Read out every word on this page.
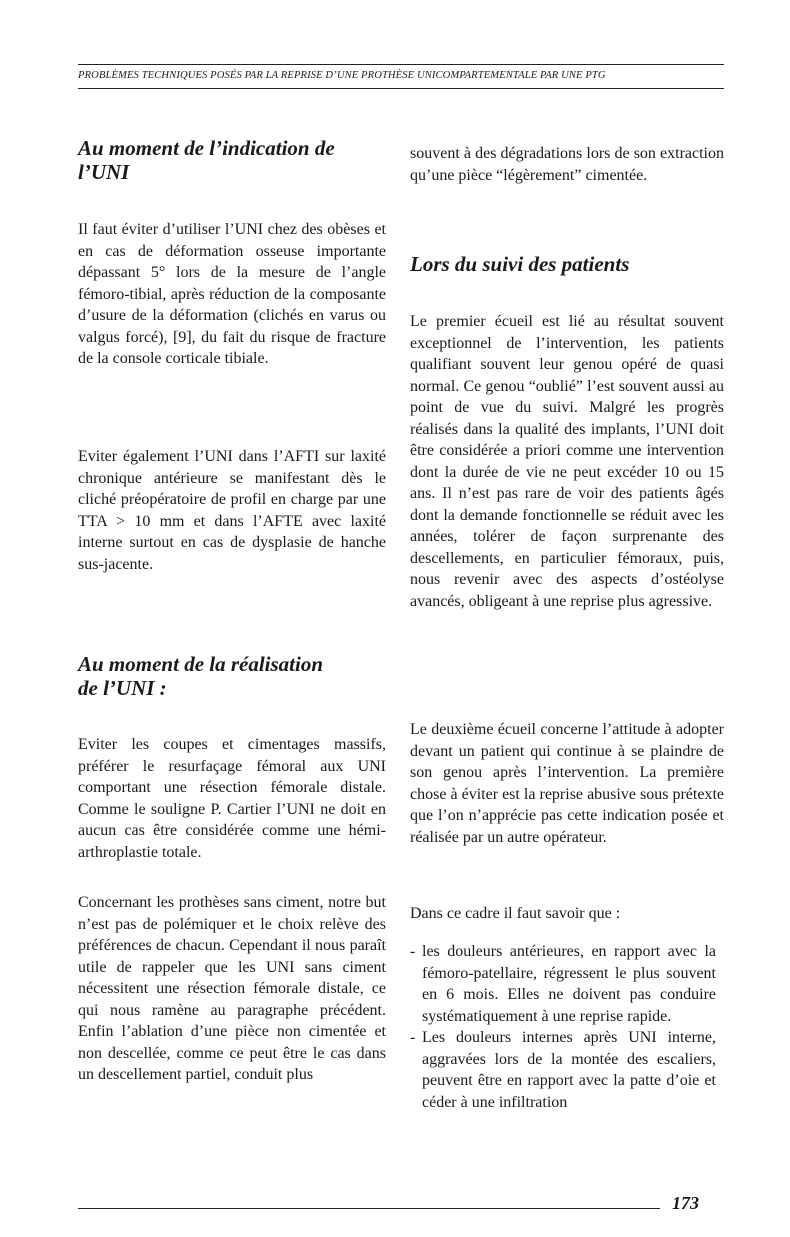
PROBLÈMES TECHNIQUES POSÉS PAR LA REPRISE D’UNE PROTHÈSE UNICOMPARTEMENTALE PAR UNE PTG
Au moment de l’indication de l’UNI

Il faut éviter d’utiliser l’UNI chez des obèses et en cas de déformation osseuse importante dépassant 5° lors de la mesure de l’angle fémoro-tibial, après réduction de la composante d’usure de la déformation (clichés en varus ou valgus forcé), [9], du fait du risque de fracture de la console corticale tibiale.

Eviter également l’UNI dans l’AFTI sur laxité chronique antérieure se manifestant dès le cliché préopératoire de profil en charge par une TTA > 10 mm et dans l’AFTE avec laxité interne surtout en cas de dysplasie de hanche sus-jacente.

Au moment de la réalisation de l’UNI :

Eviter les coupes et cimentages massifs, préférer le resurfaçage fémoral aux UNI comportant une résection fémorale distale. Comme le souligne P. Cartier l’UNI ne doit en aucun cas être considérée comme une hémi-arthroplastie totale.

Concernant les prothèses sans ciment, notre but n’est pas de polémiquer et le choix relève des préférences de chacun. Cependant il nous paraît utile de rappeler que les UNI sans ciment nécessitent une résection fémorale distale, ce qui nous ramène au paragraphe précédent. Enfin l’ablation d’une pièce non cimentée et non descellée, comme ce peut être le cas dans un descellement partiel, conduit plus

souvent à des dégradations lors de son extraction qu’une pièce “légèrement” cimentée.

Lors du suivi des patients

Le premier écueil est lié au résultat souvent exceptionnel de l’intervention, les patients qualifiant souvent leur genou opéré de quasi normal. Ce genou “oublié” l’est souvent aussi au point de vue du suivi. Malgré les progrès réalisés dans la qualité des implants, l’UNI doit être considérée a priori comme une intervention dont la durée de vie ne peut excéder 10 ou 15 ans. Il n’est pas rare de voir des patients âgés dont la demande fonctionnelle se réduit avec les années, tolérer de façon surprenante des descellements, en particulier fémoraux, puis, nous revenir avec des aspects d’ostéolyse avancés, obligeant à une reprise plus agressive.

Le deuxième écueil concerne l’attitude à adopter devant un patient qui continue à se plaindre de son genou après l’intervention. La première chose à éviter est la reprise abusive sous prétexte que l’on n’apprécie pas cette indication posée et réalisée par un autre opérateur.

Dans ce cadre il faut savoir que :

- les douleurs antérieures, en rapport avec la fémoro-patellaire, régressent le plus souvent en 6 mois. Elles ne doivent pas conduire systématiquement à une reprise rapide.
- Les douleurs internes après UNI interne, aggravées lors de la montée des escaliers, peuvent être en rapport avec la patte d’oie et céder à une infiltration
173
